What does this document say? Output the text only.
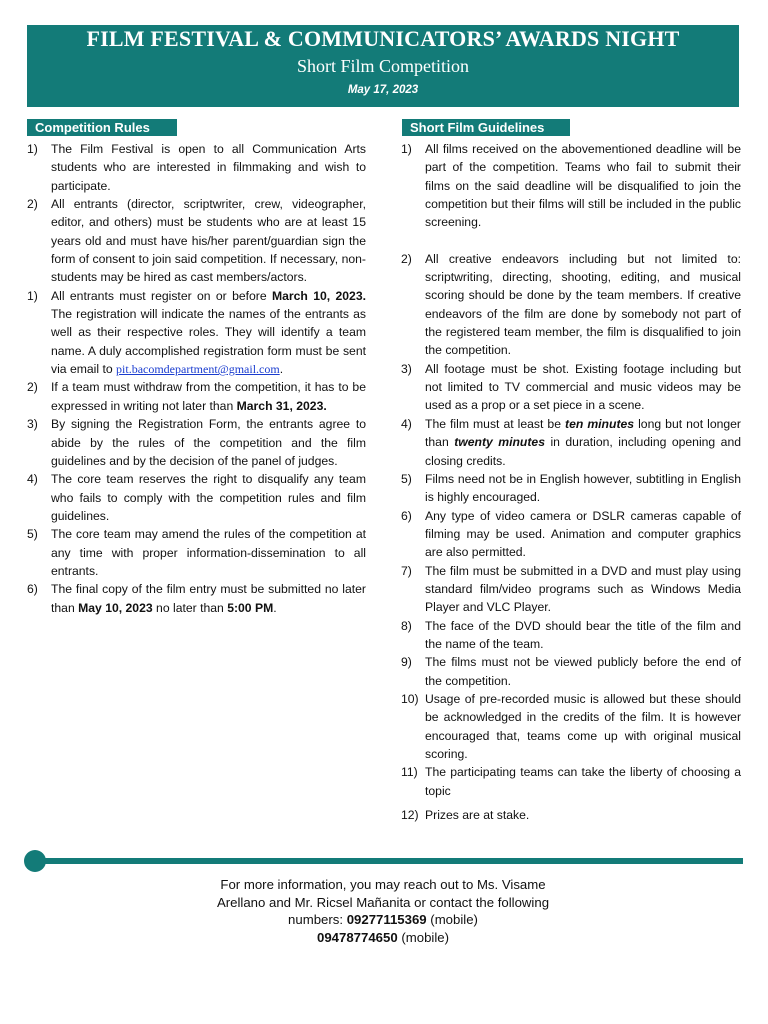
FILM FESTIVAL & COMMUNICATORS’ AWARDS NIGHT
Short Film Competition
May 17, 2023
Competition Rules	Short Film Guidelines
1) The Film Festival is open to all Communication Arts students who are interested in filmmaking and wish to participate.
2) All entrants (director, scriptwriter, crew, videographer, editor, and others) must be students who are at least 15 years old and must have his/her parent/guardian sign the form of consent to join said competition. If necessary, non-students may be hired as cast members/actors.
1) All entrants must register on or before March 10, 2023. The registration will indicate the names of the entrants as well as their respective roles. They will identify a team name. A duly accomplished registration form must be sent via email to pit.bacomdepartment@gmail.com.
2) If a team must withdraw from the competition, it has to be expressed in writing not later than March 31, 2023.
3) By signing the Registration Form, the entrants agree to abide by the rules of the competition and the film guidelines and by the decision of the panel of judges.
4) The core team reserves the right to disqualify any team who fails to comply with the competition rules and film guidelines.
5) The core team may amend the rules of the competition at any time with proper information-dissemination to all entrants.
6) The final copy of the film entry must be submitted no later than May 10, 2023 no later than 5:00 PM.
1) All films received on the abovementioned deadline will be part of the competition. Teams who fail to submit their films on the said deadline will be disqualified to join the competition but their films will still be included in the public screening.
2) All creative endeavors including but not limited to: scriptwriting, directing, shooting, editing, and musical scoring should be done by the team members. If creative endeavors of the film are done by somebody not part of the registered team member, the film is disqualified to join the competition.
3) All footage must be shot. Existing footage including but not limited to TV commercial and music videos may be used as a prop or a set piece in a scene.
4) The film must at least be ten minutes long but not longer than twenty minutes in duration, including opening and closing credits.
5) Films need not be in English however, subtitling in English is highly encouraged.
6) Any type of video camera or DSLR cameras capable of filming may be used. Animation and computer graphics are also permitted.
7) The film must be submitted in a DVD and must play using standard film/video programs such as Windows Media Player and VLC Player.
8) The face of the DVD should bear the title of the film and the name of the team.
9) The films must not be viewed publicly before the end of the competition.
10) Usage of pre-recorded music is allowed but these should be acknowledged in the credits of the film. It is however encouraged that, teams come up with original musical scoring.
11) The participating teams can take the liberty of choosing a topic
12) Prizes are at stake.
For more information, you may reach out to Ms. Visame
Arellano and Mr. Ricsel Mañanita or contact the following
numbers: 09277115369 (mobile)
09478774650 (mobile)
